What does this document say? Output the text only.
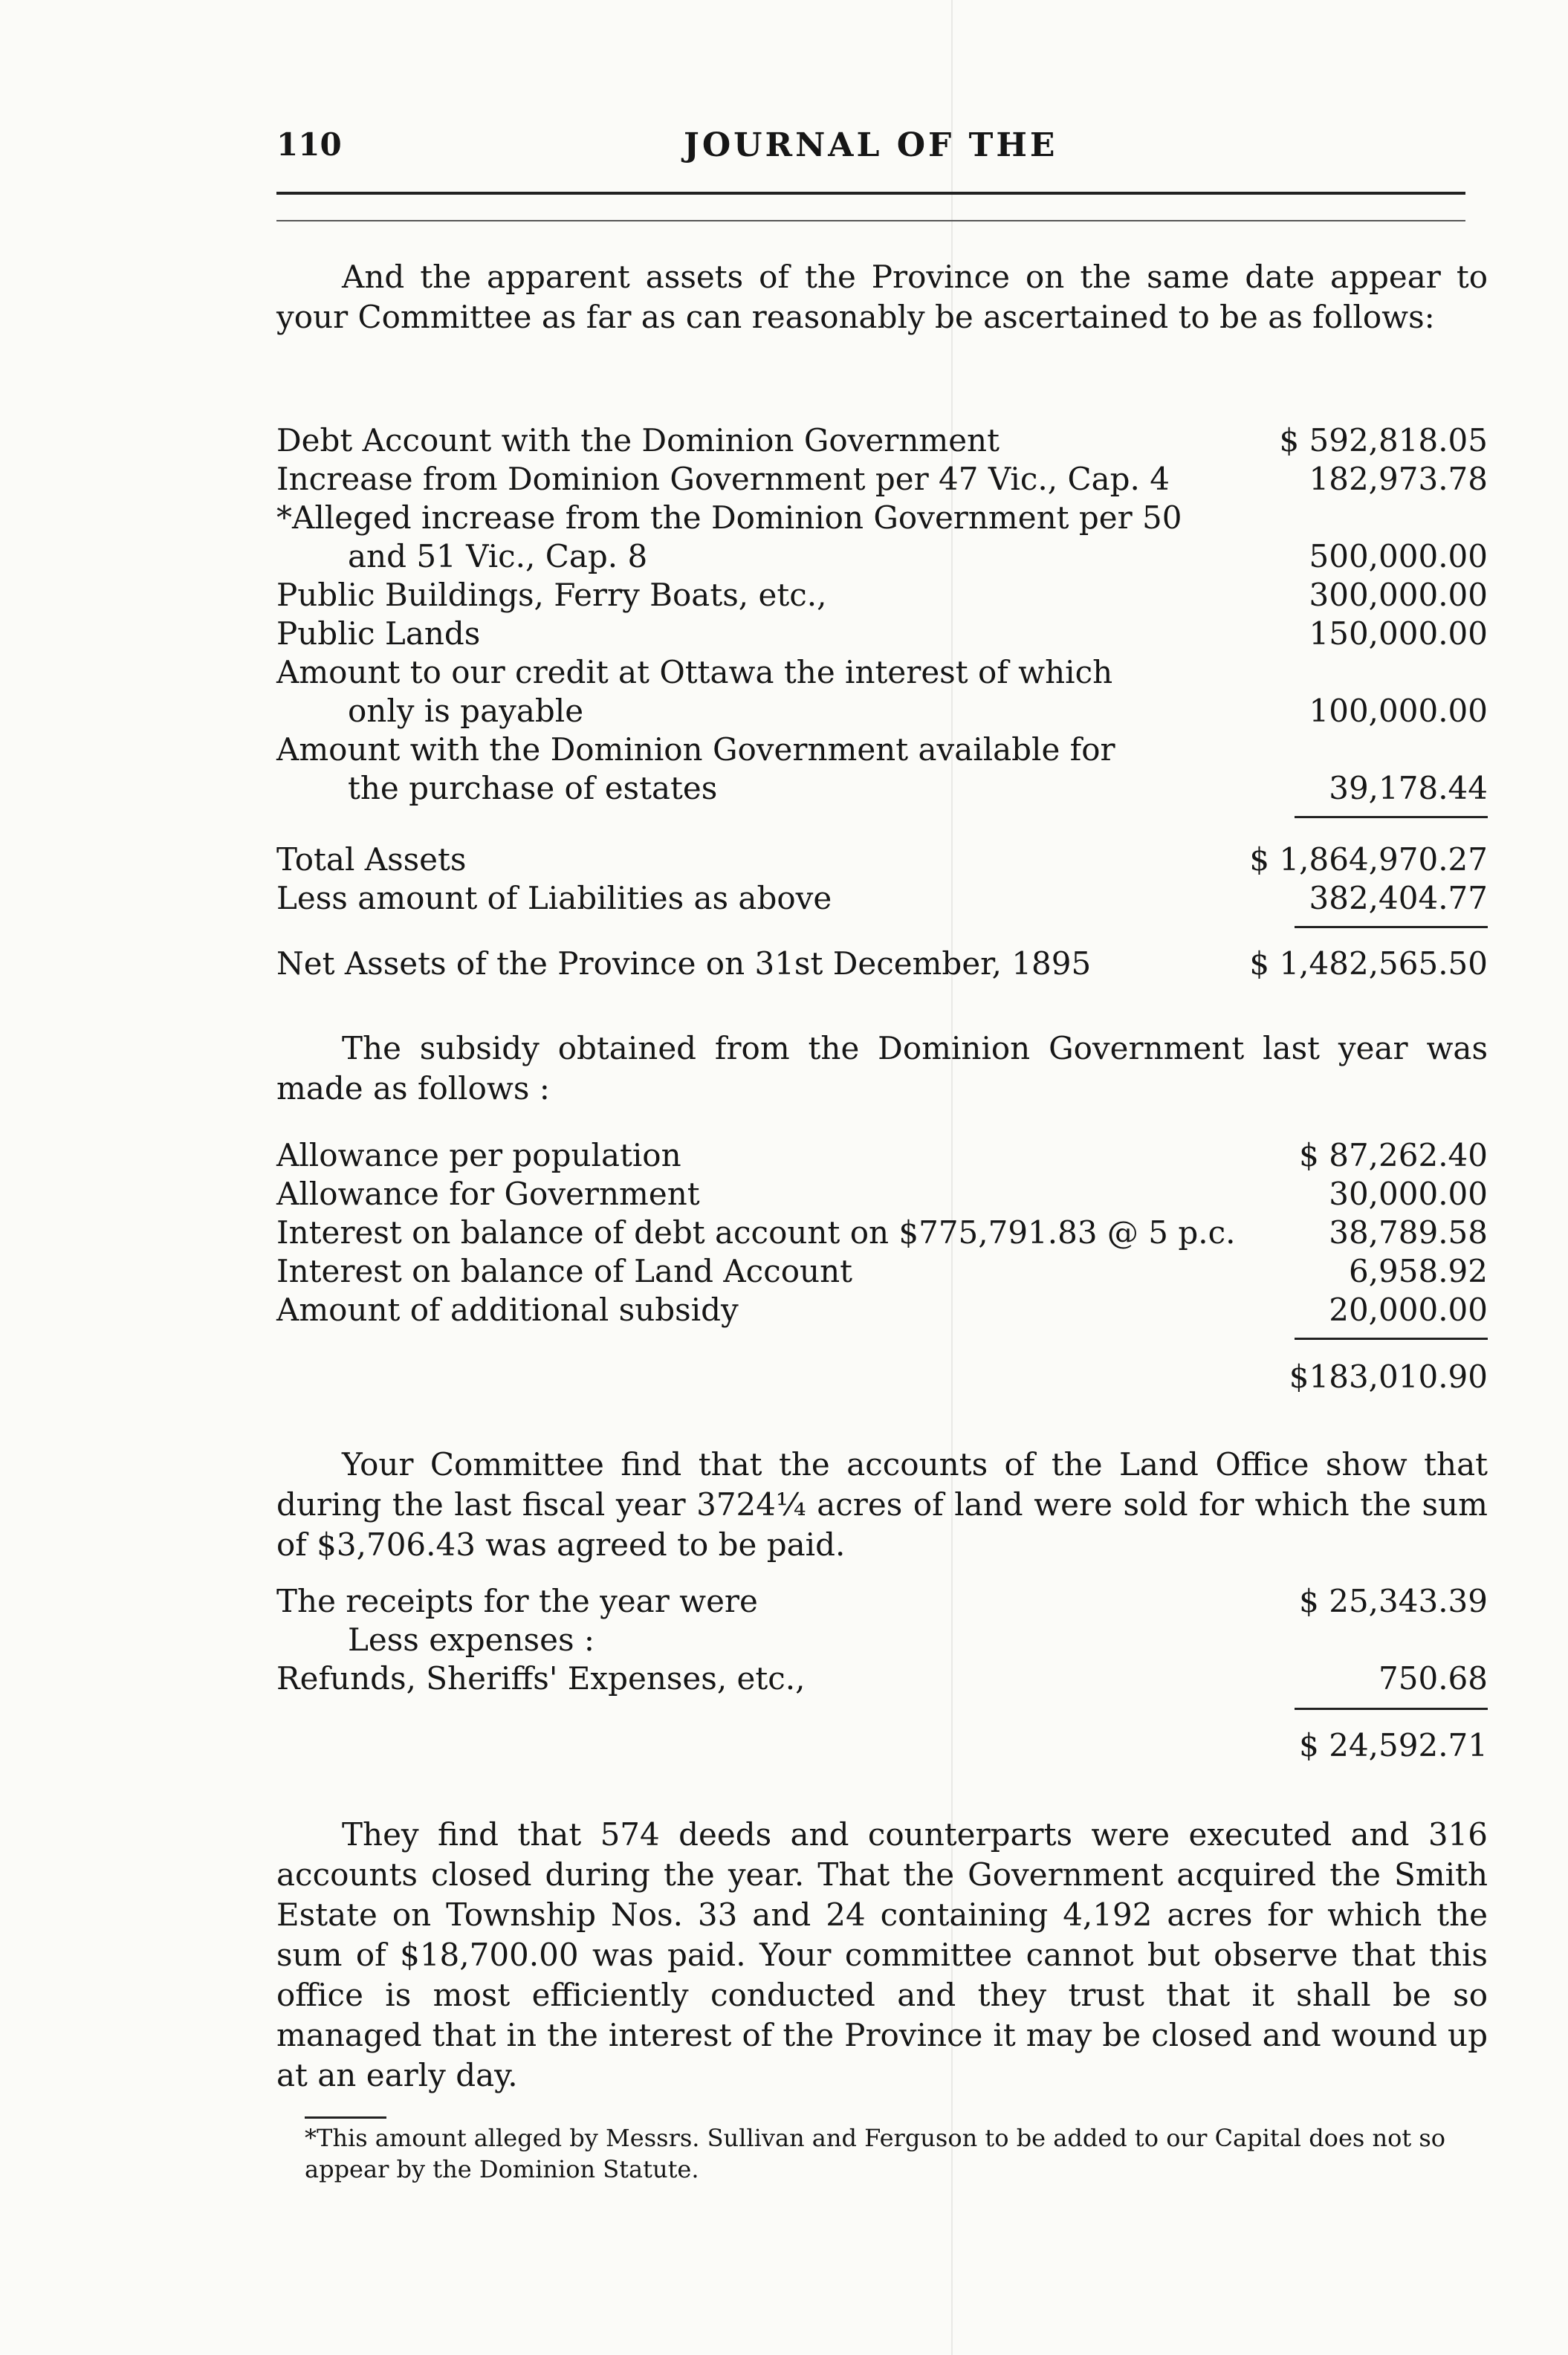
110	JOURNAL OF THE
And the apparent assets of the Province on the same date appear to your Committee as far as can reasonably be ascertained to be as follows:
Debt Account with the Dominion Government	$ 592,818.05
Increase from Dominion Government per 47 Vic., Cap. 4	182,973.78
*Alleged increase from the Dominion Government per 50
and 51 Vic., Cap. 8	500,000.00
Public Buildings, Ferry Boats, etc.,	300,000.00
Public Lands	150,000.00
Amount to our credit at Ottawa the interest of which
only is payable	100,000.00
Amount with the Dominion Government available for
the purchase of estates	39,178.44
Total Assets	$ 1,864,970.27
Less amount of Liabilities as above	382,404.77
Net Assets of the Province on 31st December, 1895	$ 1,482,565.50
The subsidy obtained from the Dominion Government last year was made as follows :
Allowance per population	$ 87,262.40
Allowance for Government	30,000.00
Interest on balance of debt account on $775,791.83 @ 5 p.c.	38,789.58
Interest on balance of Land Account	6,958.92
Amount of additional subsidy	20,000.00
$183,010.90
Your Committee find that the accounts of the Land Office show that during the last fiscal year 3724¼ acres of land were sold for which the sum of $3,706.43 was agreed to be paid.
The receipts for the year were	$ 25,343.39
Less expenses :
Refunds, Sheriffs' Expenses, etc.,	750.68
$ 24,592.71
They find that 574 deeds and counterparts were executed and 316 accounts closed during the year. That the Government acquired the Smith Estate on Township Nos. 33 and 24 containing 4,192 acres for which the sum of $18,700.00 was paid. Your committee cannot but observe that this office is most efficiently conducted and they trust that it shall be so managed that in the interest of the Province it may be closed and wound up at an early day.
*This amount alleged by Messrs. Sullivan and Ferguson to be added to our Capital does not so appear by the Dominion Statute.
